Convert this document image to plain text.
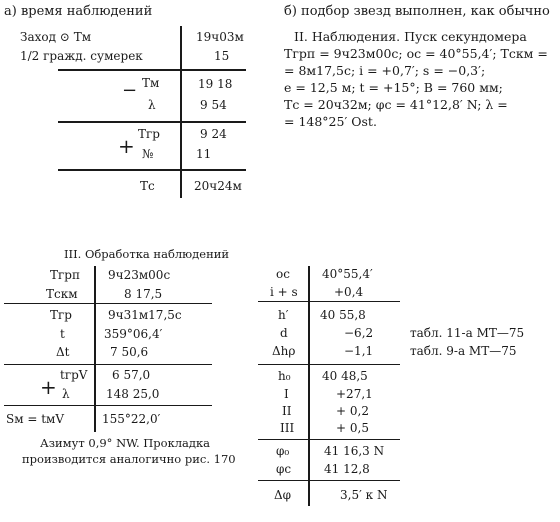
а) время наблюдений
Заход ⊙ Tм	19ч03м
1/2 гражд. сумерек	15
− Tм	19 18
λ	9 54
+ Tгр	9 24
№	11
Tс	20ч24м
б) подбор звезд выполнен, как обычно
II. Наблюдения. Пуск секундомера
Tгрп = 9ч23м00с; ос = 40°55,4′; Tскм =
= 8м17,5с; i = +0,7′; s = −0,3′;
e = 12,5 м; t = +15°; B = 760 мм;
Tс = 20ч32м; φс = 41°12,8′ N; λ =
= 148°25′ Ost.
III. Обработка наблюдений
Tгрп 9ч23м00с
Tскм	8 17,5
Tгр	9ч31м17,5с
t	359°06,4′
Δt	7 50,6
+ tгрV 6 57,0
λ	148 25,0
Sм = tмV	155°22,0′
Азимут 0,9° NW. Прокладка
производится аналогично рис. 170
ос	40°55,4′
i + s	+0,4
h′	40 55,8
d	−6,2	табл. 11-а МТ—75
Δhρ	−1,1	табл. 9-а МТ—75
h₀	40 48,5
I	+27,1
II	+ 0,2
III	+ 0,5
φ₀	41 16,3 N
φс	41 12,8
Δφ	3,5′ к N
